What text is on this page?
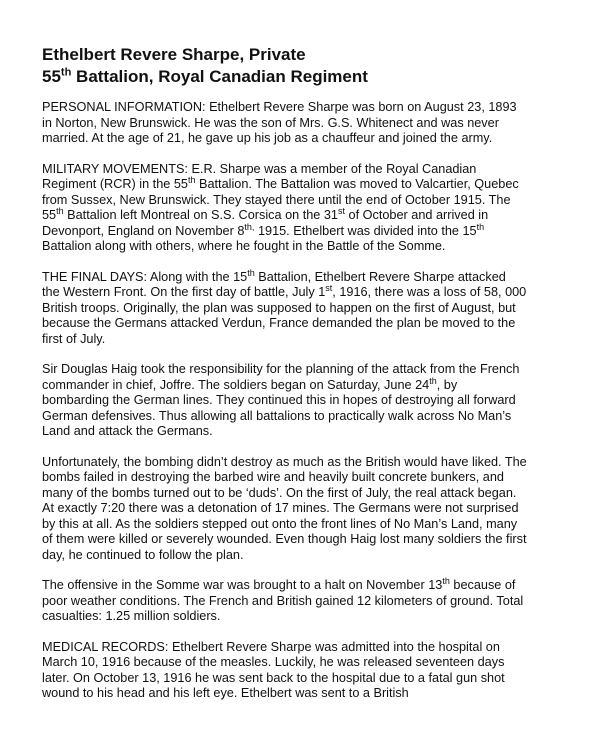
Ethelbert Revere Sharpe, Private
55th Battalion, Royal Canadian Regiment

PERSONAL INFORMATION: Ethelbert Revere Sharpe was born on August 23, 1893
in Norton, New Brunswick. He was the son of Mrs. G.S. Whitenect and was never
married. At the age of 21, he gave up his job as a chauffeur and joined the army.

MILITARY MOVEMENTS: E.R. Sharpe was a member of the Royal Canadian
Regiment (RCR) in the 55th Battalion. The Battalion was moved to Valcartier, Quebec
from Sussex, New Brunswick. They stayed there until the end of October 1915. The
55th Battalion left Montreal on S.S. Corsica on the 31st of October and arrived in
Devonport, England on November $8^{th,}$ 1915. Ethelbert was divided into the 15th
Battalion along with others, where he fought in the Battle of the Somme.

THE FINAL DAYS: Along with the 15th Battalion, Ethelbert Revere Sharpe attacked
the Western Front. On the first day of battle, July 1st, 1916, there was a loss of 58, 000
British troops. Originally, the plan was supposed to happen on the first of August, but
because the Germans attacked Verdun, France demanded the plan be moved to the
first of July.

Sir Douglas Haig took the responsibility for the planning of the attack from the French
commander in chief, Joffre. The soldiers began on Saturday, June 24th, by
bombarding the German lines. They continued this in hopes of destroying all forward
German defensives. Thus allowing all battalions to practically walk across No Man’s
Land and attack the Germans.

Unfortunately, the bombing didn’t destroy as much as the British would have liked. The
bombs failed in destroying the barbed wire and heavily built concrete bunkers, and
many of the bombs turned out to be ‘duds’. On the first of July, the real attack began.
At exactly 7:20 there was a detonation of 17 mines. The Germans were not surprised
by this at all. As the soldiers stepped out onto the front lines of No Man’s Land, many
of them were killed or severely wounded. Even though Haig lost many soldiers the first
day, he continued to follow the plan.

The offensive in the Somme war was brought to a halt on November 13th because of
poor weather conditions. The French and British gained 12 kilometers of ground. Total
casualties: 1.25 million soldiers.

MEDICAL RECORDS: Ethelbert Revere Sharpe was admitted into the hospital on
March 10, 1916 because of the measles. Luckily, he was released seventeen days
later. On October 13, 1916 he was sent back to the hospital due to a fatal gun shot
wound to his head and his left eye. Ethelbert was sent to a British
